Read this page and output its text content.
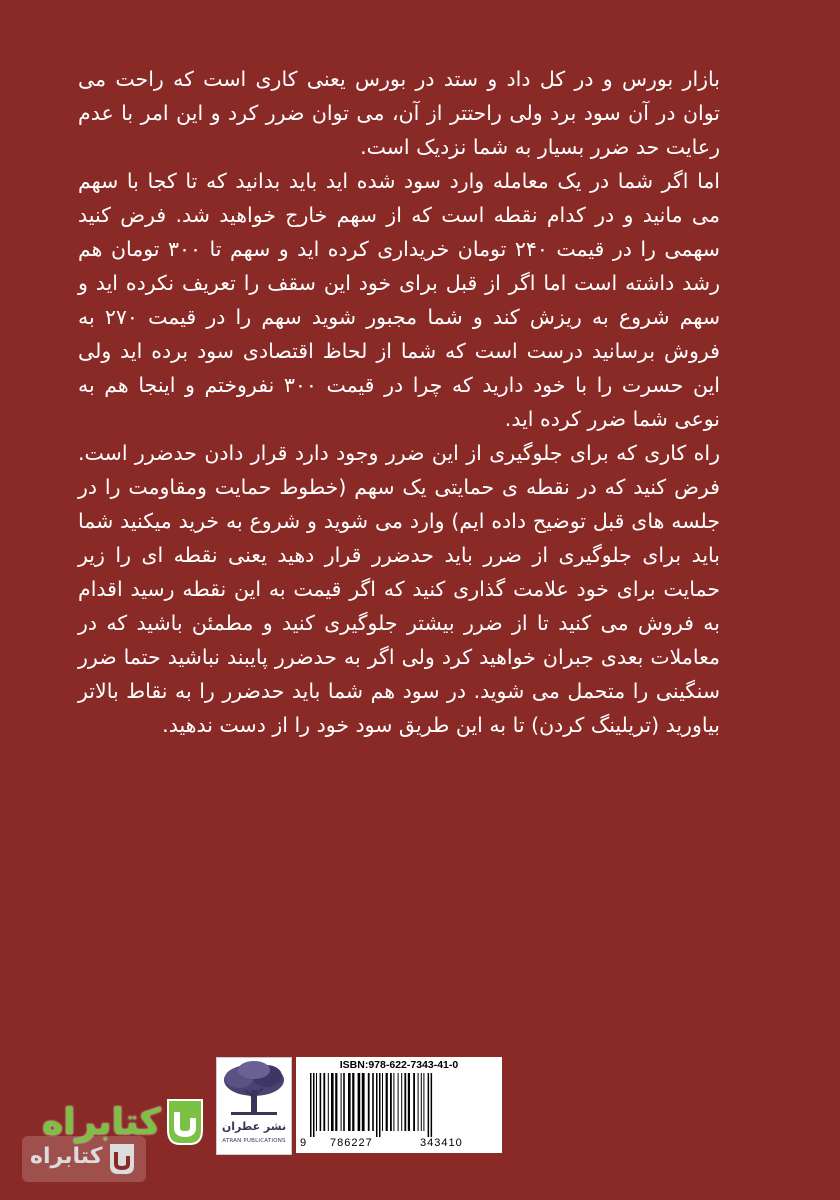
بازار بورس و در کل داد و ستد در بورس یعنی کاری است که راحت می توان در آن سود برد ولی راحتتر از آن، می توان ضرر کرد و این امر با عدم رعایت حد ضرر بسیار به شما نزدیک است.

اما اگر شما در یک معامله وارد سود شده اید باید بدانید که تا کجا با سهم می مانید و در کدام نقطه است که از سهم خارج خواهید شد. فرض کنید سهمی را در قیمت ۲۴۰ تومان خریداری کرده اید و سهم تا ۳۰۰ تومان هم رشد داشته است اما اگر از قبل برای خود این سقف را تعریف نکرده اید و سهم شروع به ریزش کند و شما مجبور شوید سهم را در قیمت ۲۷۰ به فروش برسانید درست است که شما از لحاظ اقتصادی سود برده اید ولی این حسرت را با خود دارید که چرا در قیمت ۳۰۰ نفروختم و اینجا هم به نوعی شما ضرر کرده اید.

راه کاری که برای جلوگیری از این ضرر وجود دارد قرار دادن حدضرر است. فرض کنید که در نقطه ی حمایتی یک سهم (خطوط حمایت ومقاومت را در جلسه های قبل توضیح داده ایم) وارد می شوید و شروع به خرید میکنید شما باید برای جلوگیری از ضرر باید حدضرر قرار دهید یعنی نقطه ای را زیر حمایت برای خود علامت گذاری کنید که اگر قیمت به این نقطه رسید اقدام به فروش می کنید تا از ضرر بیشتر جلوگیری کنید و مطمئن باشید که در معاملات بعدی جبران خواهید کرد ولی اگر به حدضرر پایبند نباشید حتما ضرر سنگینی را متحمل می شوید. در سود هم شما باید حدضرر را به نقاط بالاتر بیاورید (تریلینگ کردن) تا به این طریق سود خود را از دست ندهید.

نشر عطران
ATRAN PUBLICATIONS
ISBN:978-622-7343-41-0
9 786227	343410
کتابراه
کتابراه
